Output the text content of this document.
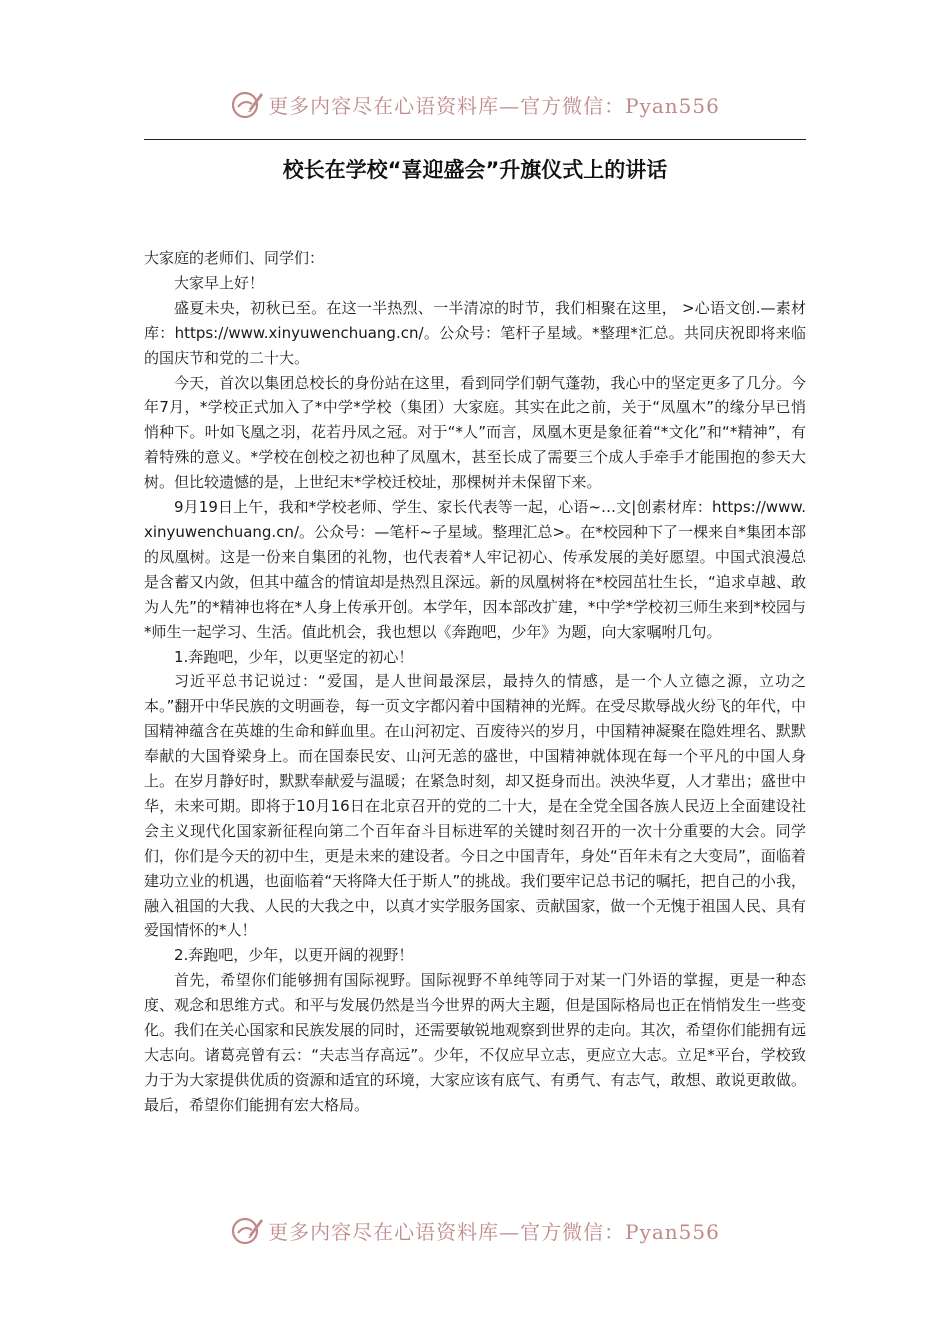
更多内容尽在心语资料库—官方微信：Pyan556
校长在学校“喜迎盛会”升旗仪式上的讲话

大家庭的老师们、同学们：

大家早上好！

盛夏未央，初秋已至。在这一半热烈、一半清凉的时节，我们相聚在这里， >心语文创.—素材库：https://www.xinyuwenchuang.cn/。公众号：笔杆子星域。*整理*汇总。共同庆祝即将来临的国庆节和党的二十大。

今天，首次以集团总校长的身份站在这里，看到同学们朝气蓬勃，我心中的坚定更多了几分。今年7月，*学校正式加入了*中学*学校（集团）大家庭。其实在此之前，关于“凤凰木”的缘分早已悄悄种下。叶如飞凰之羽，花若丹凤之冠。对于“*人”而言，凤凰木更是象征着“*文化”和“*精神”，有着特殊的意义。*学校在创校之初也种了凤凰木，甚至长成了需要三个成人手牵手才能围抱的参天大树。但比较遗憾的是，上世纪末*学校迁校址，那棵树并未保留下来。

9月19日上午，我和*学校老师、学生、家长代表等一起，心语~…文|创素材库：https://www.xinyuwenchuang.cn/。公众号：—笔杆~子星域。整理汇总>。在*校园种下了一棵来自*集团本部的凤凰树。这是一份来自集团的礼物，也代表着*人牢记初心、传承发展的美好愿望。中国式浪漫总是含蓄又内敛，但其中蕴含的情谊却是热烈且深远。新的凤凰树将在*校园茁壮生长，“追求卓越、敢为人先”的*精神也将在*人身上传承开创。本学年，因本部改扩建，*中学*学校初三师生来到*校园与*师生一起学习、生活。值此机会，我也想以《奔跑吧，少年》为题，向大家嘱咐几句。

1.奔跑吧，少年，以更坚定的初心！

习近平总书记说过：“爱国，是人世间最深层，最持久的情感，是一个人立德之源，立功之本。”翻开中华民族的文明画卷，每一页文字都闪着中国精神的光辉。在受尽欺辱战火纷飞的年代，中国精神蕴含在英雄的生命和鲜血里。在山河初定、百废待兴的岁月，中国精神凝聚在隐姓埋名、默默奉献的大国脊梁身上。而在国泰民安、山河无恙的盛世，中国精神就体现在每一个平凡的中国人身上。在岁月静好时，默默奉献爱与温暖；在紧急时刻，却又挺身而出。泱泱华夏，人才辈出；盛世中华，未来可期。即将于10月16日在北京召开的党的二十大，是在全党全国各族人民迈上全面建设社会主义现代化国家新征程向第二个百年奋斗目标进军的关键时刻召开的一次十分重要的大会。同学们，你们是今天的初中生，更是未来的建设者。今日之中国青年，身处“百年未有之大变局”，面临着建功立业的机遇，也面临着“天将降大任于斯人”的挑战。我们要牢记总书记的嘱托，把自己的小我，融入祖国的大我、人民的大我之中，以真才实学服务国家、贡献国家，做一个无愧于祖国人民、具有爱国情怀的*人！

2.奔跑吧，少年，以更开阔的视野！

首先，希望你们能够拥有国际视野。国际视野不单纯等同于对某一门外语的掌握，更是一种态度、观念和思维方式。和平与发展仍然是当今世界的两大主题，但是国际格局也正在悄悄发生一些变化。我们在关心国家和民族发展的同时，还需要敏锐地观察到世界的走向。其次，希望你们能拥有远大志向。诸葛亮曾有云：“夫志当存高远”。少年，不仅应早立志，更应立大志。立足*平台，学校致力于为大家提供优质的资源和适宜的环境，大家应该有底气、有勇气、有志气，敢想、敢说更敢做。最后，希望你们能拥有宏大格局。

更多内容尽在心语资料库—官方微信：Pyan556
